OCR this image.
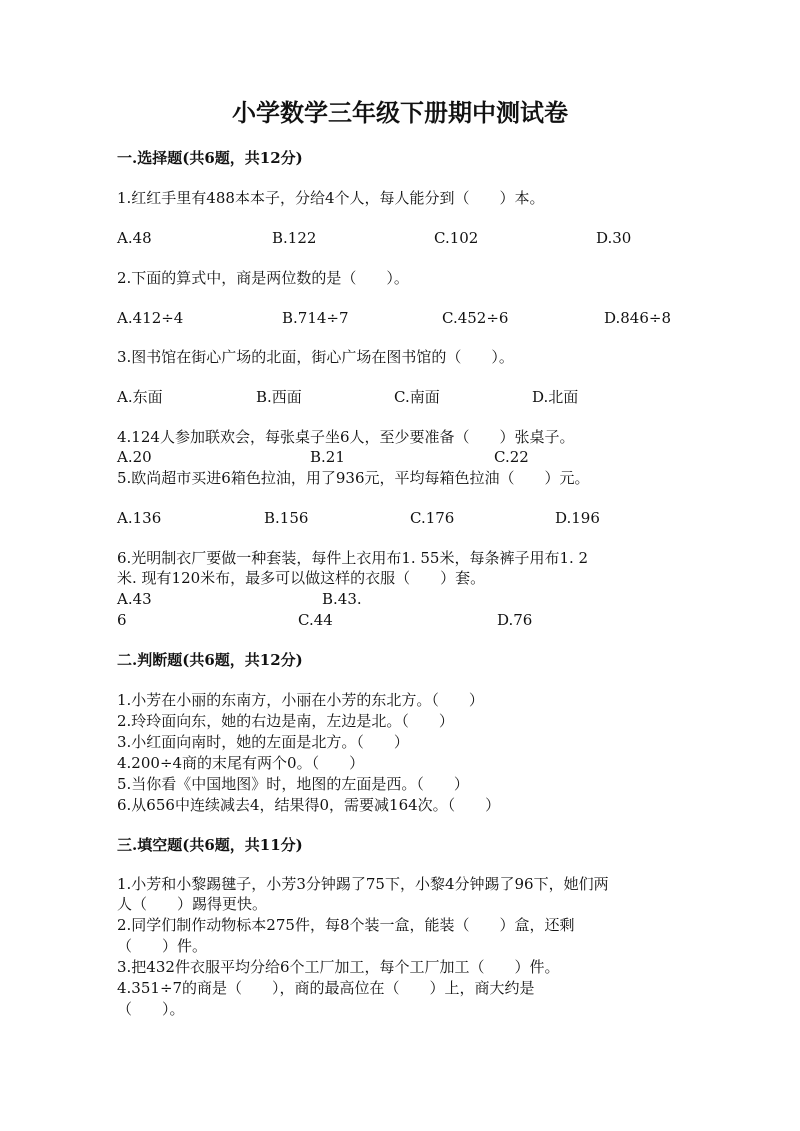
小学数学三年级下册期中测试卷
一.选择题(共6题，共12分)
1.红红手里有488本本子，分给4个人，每人能分到（　　）本。
A.48	B.122	C.102	D.30
2.下面的算式中，商是两位数的是（　　）。
A.412÷4	B.714÷7	C.452÷6	D.846÷8
3.图书馆在街心广场的北面，街心广场在图书馆的（　　）。
A.东面	B.西面	C.南面	D.北面
4.124人参加联欢会，每张桌子坐6人，至少要准备（　　）张桌子。
A.20	B.21	C.22
5.欧尚超市买进6箱色拉油，用了936元，平均每箱色拉油（　　）元。
A.136	B.156	C.176	D.196
6.光明制衣厂要做一种套装，每件上衣用布1. 55米，每条裤子用布1. 2
米. 现有120米布，最多可以做这样的衣服（　　）套。
A.43	B.43.
6	C.44	D.76
二.判断题(共6题，共12分)
1.小芳在小丽的东南方，小丽在小芳的东北方。（　　）
2.玲玲面向东，她的右边是南，左边是北。（　　）
3.小红面向南时，她的左面是北方。（　　）
4.200÷4商的末尾有两个0。（　　）
5.当你看《中国地图》时，地图的左面是西。（　　）
6.从656中连续减去4，结果得0，需要减164次。（　　）
三.填空题(共6题，共11分)
1.小芳和小黎踢毽子，小芳3分钟踢了75下，小黎4分钟踢了96下，她们两
人（　　）踢得更快。
2.同学们制作动物标本275件，每8个装一盒，能装（　　）盒，还剩
（　　）件。
3.把432件衣服平均分给6个工厂加工，每个工厂加工（　　）件。
4.351÷7的商是（　　），商的最高位在（　　）上，商大约是
（　　）。
